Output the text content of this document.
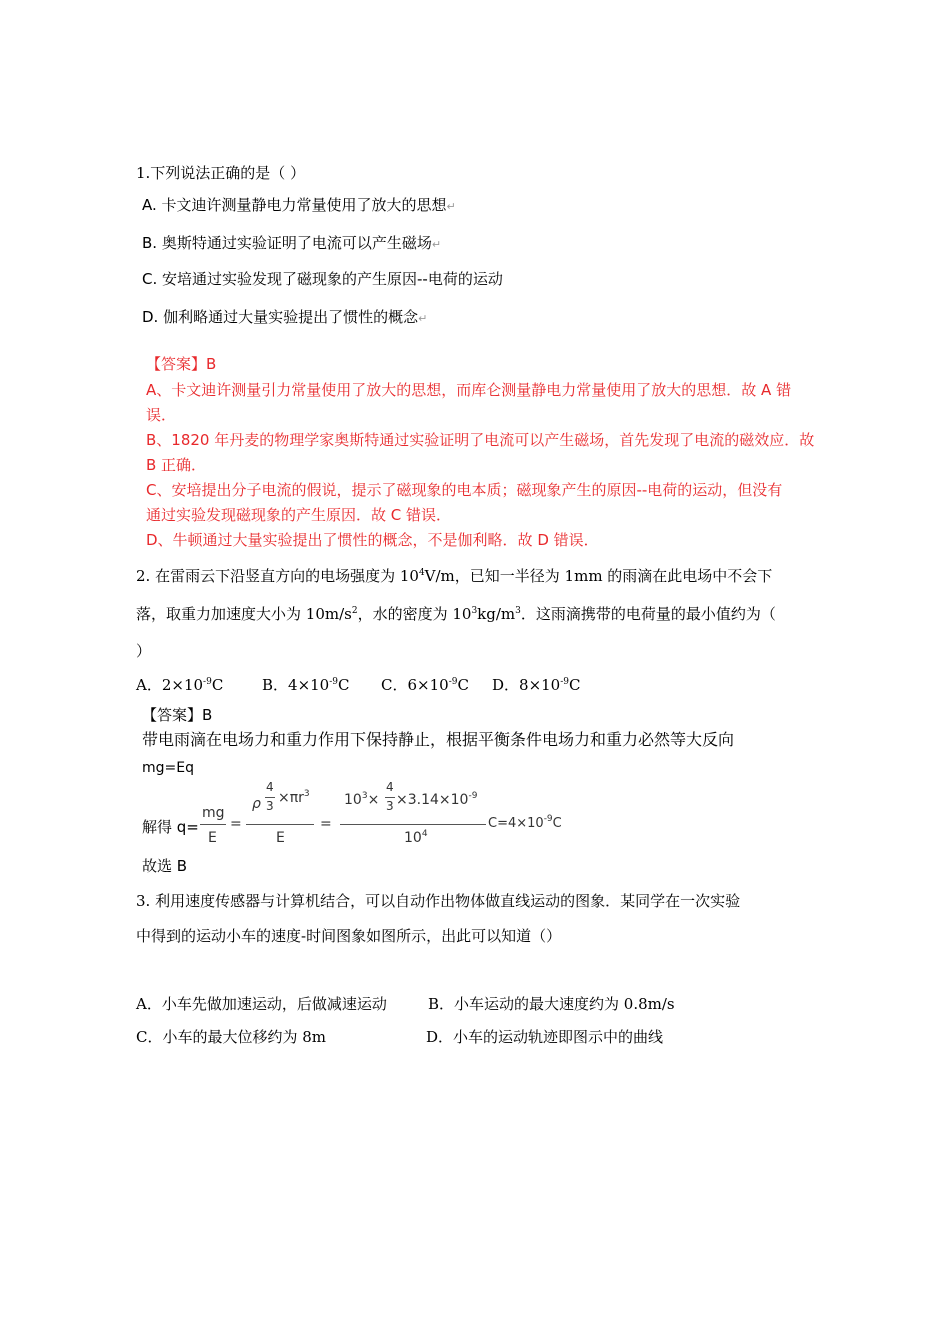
1.下列说法正确的是（ ）
A. 卡文迪许测量静电力常量使用了放大的思想↵
B. 奥斯特通过实验证明了电流可以产生磁场↵
C. 安培通过实验发现了磁现象的产生原因--电荷的运动
D. 伽利略通过大量实验提出了惯性的概念↵
【答案】B
A、卡文迪许测量引力常量使用了放大的思想，而库仑测量静电力常量使用了放大的思想．故 A 错
误．
B、1820 年丹麦的物理学家奥斯特通过实验证明了电流可以产生磁场，首先发现了电流的磁效应．故
B 正确．
C、安培提出分子电流的假说，提示了磁现象的电本质；磁现象产生的原因--电荷的运动，但没有
通过实验发现磁现象的产生原因．故 C 错误．
D、牛顿通过大量实验提出了惯性的概念，不是伽利略．故 D 错误．
2. 在雷雨云下沿竖直方向的电场强度为 $10^4V/m$，已知一半径为 1mm 的雨滴在此电场中不会下
落，取重力加速度大小为 $10m/s^2$，水的密度为 $10^3kg/m^3$．这雨滴携带的电荷量的最小值约为（
）
A．$2\times 10^{-9}C$	B．$4\times 10^{-9}C$ C．$6\times 10^{-9}C$ D．$8\times 10^{-9}C$
【答案】B
带电雨滴在电场力和重力作用下保持静止，根据平衡条件电场力和重力必然等大反向
mg=Eq
解得 q=
mg
E
=
ρ
4
$3 \times\pi r^3$
E
=
$10^3\times$
4
$3 \times 3.14\times 10^{-9}$
$10^4$
$C=4\times 10^{-9}C$
故选 B
3. 利用速度传感器与计算机结合，可以自动作出物体做直线运动的图象．某同学在一次实验
中得到的运动小车的速度-时间图象如图所示，出此可以知道（）
A．小车先做加速运动，后做减速运动	B．小车运动的最大速度约为 0.8m/s
C．小车的最大位移约为 8m	D．小车的运动轨迹即图示中的曲线
